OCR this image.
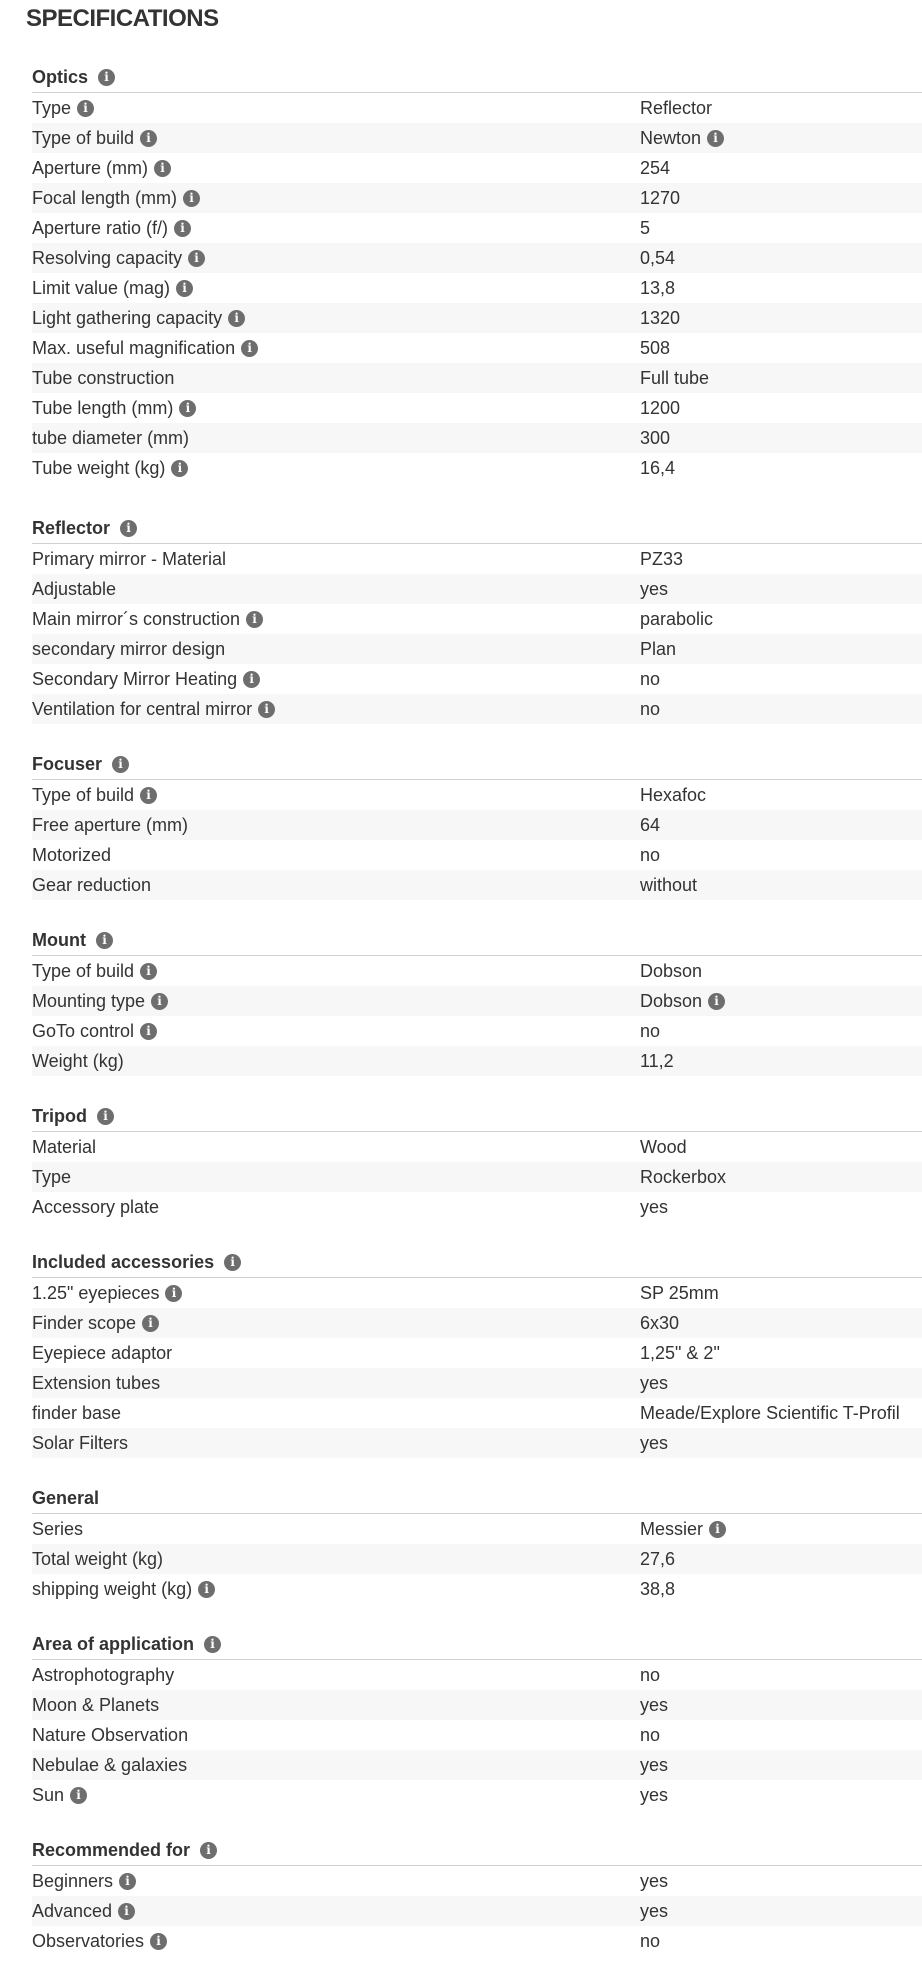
SPECIFICATIONS
Optics	i
Type	i	Reflector
Type of build	i	Newton	i
Aperture (mm)	i	254
Focal length (mm)	i	1270
Aperture ratio (f/)	i	5
Resolving capacity	i	0,54
Limit value (mag)	i	13,8
Light gathering capacity	i	1320
Max. useful magnification	i	508
Tube construction	Full tube
Tube length (mm)	i	1200
tube diameter (mm)	300
Tube weight (kg)	i	16,4
Reflector	i
Primary mirror - Material	PZ33
Adjustable	yes
Main mirror´s construction	i	parabolic
secondary mirror design	Plan
Secondary Mirror Heating	i	no
Ventilation for central mirror	i	no
Focuser	i
Type of build	i	Hexafoc
Free aperture (mm)	64
Motorized	no
Gear reduction	without
Mount	i
Type of build	i	Dobson
Mounting type	i	Dobson	i
GoTo control	i	no
Weight (kg)	11,2
Tripod	i
Material	Wood
Type	Rockerbox
Accessory plate	yes
Included accessories	i
1.25" eyepieces	i	SP 25mm
Finder scope	i	6x30
Eyepiece adaptor	1,25" & 2"
Extension tubes	yes
finder base	Meade/Explore Scientific T-Profil
Solar Filters	yes
General
Series	Messier	i
Total weight (kg)	27,6
shipping weight (kg)	i	38,8
Area of application	i
Astrophotography	no
Moon & Planets	yes
Nature Observation	no
Nebulae & galaxies	yes
Sun	i	yes
Recommended for	i
Beginners	i	yes
Advanced	i	yes
Observatories	i	no
